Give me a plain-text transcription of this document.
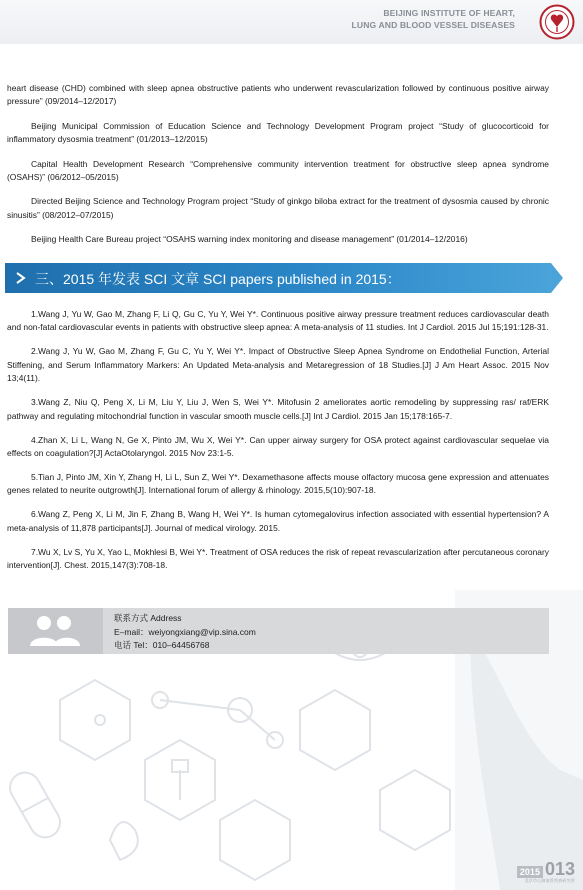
BEIJING INSTITUTE OF HEART,
LUNG AND BLOOD VESSEL DISEASES

heart disease (CHD) combined with sleep apnea obstructive patients who underwent revascularization followed by continuous positive airway pressure” (09/2014–12/2017)

Beijing Municipal Commission of Education Science and Technology Development Program project “Study of glucocorticoid for inflammatory dysosmia treatment” (01/2013–12/2015)

Capital Health Development Research “Comprehensive community intervention treatment for obstructive sleep apnea syndrome (OSAHS)” (06/2012–05/2015)

Directed Beijing Science and Technology Program project “Study of ginkgo biloba extract for the treatment of dysosmia caused by chronic sinusitis” (08/2012–07/2015)

Beijing Health Care Bureau project “OSAHS warning index monitoring and disease management” (01/2014–12/2016)

三、2015 年发表 SCI 文章 SCI papers published in 2015：

1.Wang J, Yu W, Gao M, Zhang F, Li Q, Gu C, Yu Y, Wei Y*. Continuous positive airway pressure treatment reduces cardiovascular death and non-fatal cardiovascular events in patients with obstructive sleep apnea: A meta-analysis of 11 studies. Int J Cardiol. 2015 Jul 15;191:128-31.

2.Wang J, Yu W, Gao M, Zhang F, Gu C, Yu Y, Wei Y*. Impact of Obstructive Sleep Apnea Syndrome on Endothelial Function, Arterial Stiffening, and Serum Inflammatory Markers: An Updated Meta-analysis and Metaregression of 18 Studies.[J] J Am Heart Assoc. 2015 Nov 13;4(11).

3.Wang Z, Niu Q, Peng X, Li M, Liu Y, Liu J, Wen S, Wei Y*. Mitofusin 2 ameliorates aortic remodeling by suppressing ras/ raf/ERK pathway and regulating mitochondrial function in vascular smooth muscle cells.[J] Int J Cardiol. 2015 Jan 15;178:165-7.

4.Zhan X, Li L, Wang N, Ge X, Pinto JM, Wu X, Wei Y*. Can upper airway surgery for OSA protect against cardiovascular sequelae via effects on coagulation?[J] ActaOtolaryngol. 2015 Nov 23:1-5.

5.Tian J, Pinto JM, Xin Y, Zhang H, Li L, Sun Z, Wei Y*. Dexamethasone affects mouse olfactory mucosa gene expression and attenuates genes related to neurite outgrowth[J]. International forum of allergy & rhinology. 2015,5(10):907-18.

6.Wang Z, Peng X, Li M, Jin F, Zhang B, Wang H, Wei Y*. Is human cytomegalovirus infection associated with essential hypertension? A meta-analysis of 11,878 participants[J]. Journal of medical virology. 2015.

7.Wu X, Lv S, Yu X, Yao L, Mokhlesi B, Wei Y*. Treatment of OSA reduces the risk of repeat revascularization after percutaneous coronary intervention[J]. Chest. 2015,147(3):708-18.

联系方式 Address
E–mail：weiyongxiang@vip.sina.com
电话 Tel：010–64456768
2015 013
北京市心肺血管疾病研究所
